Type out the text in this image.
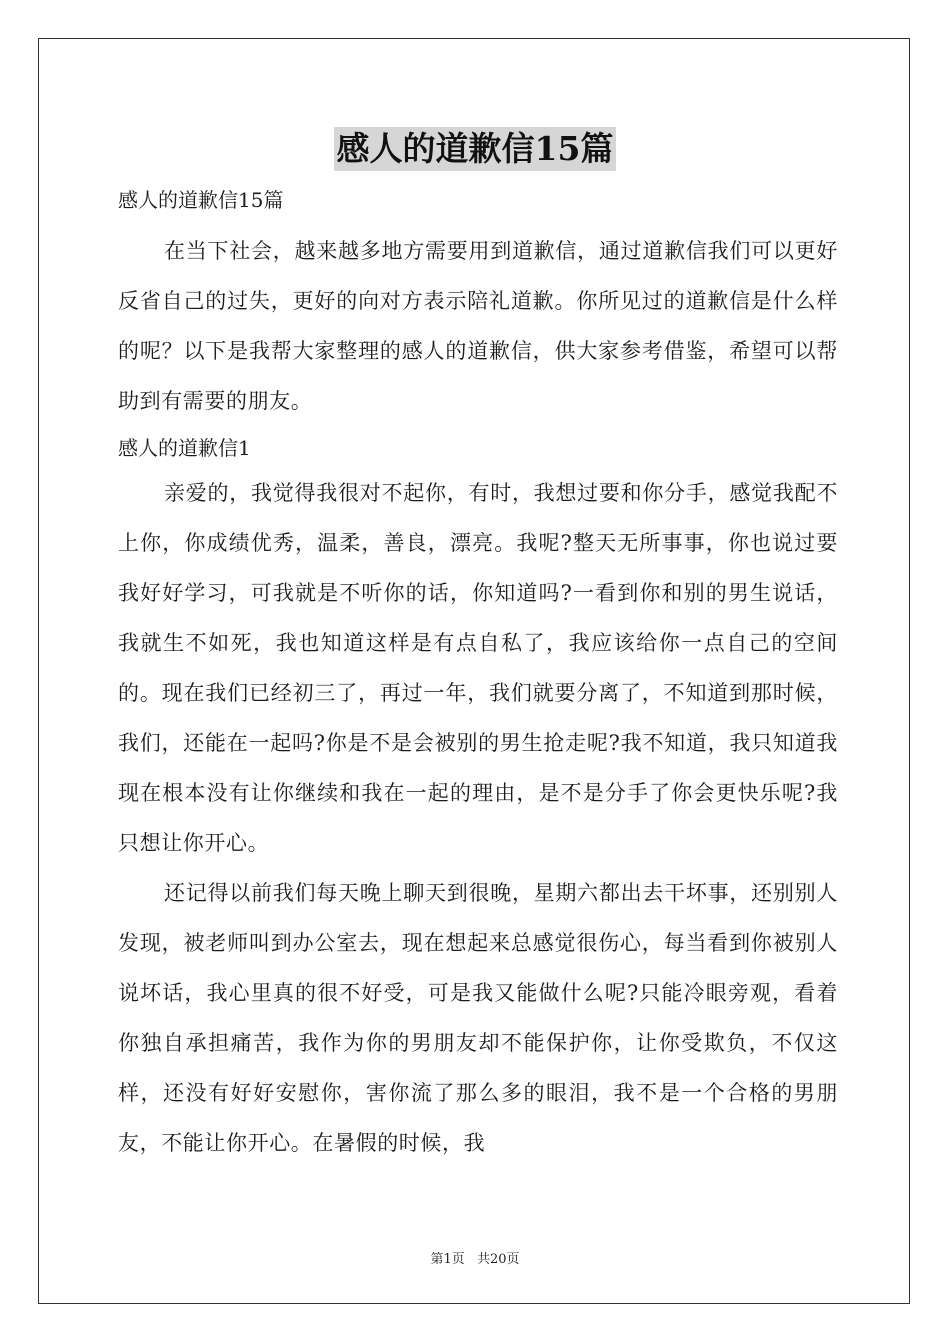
感人的道歉信15篇

感人的道歉信15篇

在当下社会，越来越多地方需要用到道歉信，通过道歉信我们可以更好反省自己的过失，更好的向对方表示陪礼道歉。你所见过的道歉信是什么样的呢？以下是我帮大家整理的感人的道歉信，供大家参考借鉴，希望可以帮助到有需要的朋友。

感人的道歉信1

亲爱的，我觉得我很对不起你，有时，我想过要和你分手，感觉我配不上你，你成绩优秀，温柔，善良，漂亮。我呢?整天无所事事，你也说过要我好好学习，可我就是不听你的话，你知道吗?一看到你和别的男生说话，我就生不如死，我也知道这样是有点自私了，我应该给你一点自己的空间的。现在我们已经初三了，再过一年，我们就要分离了，不知道到那时候，我们，还能在一起吗?你是不是会被别的男生抢走呢?我不知道，我只知道我现在根本没有让你继续和我在一起的理由，是不是分手了你会更快乐呢?我只想让你开心。

还记得以前我们每天晚上聊天到很晚，星期六都出去干坏事，还别别人发现，被老师叫到办公室去，现在想起来总感觉很伤心，每当看到你被别人说坏话，我心里真的很不好受，可是我又能做什么呢?只能冷眼旁观，看着你独自承担痛苦，我作为你的男朋友却不能保护你，让你受欺负，不仅这样，还没有好好安慰你，害你流了那么多的眼泪，我不是一个合格的男朋友，不能让你开心。在暑假的时候，我

第1页 共20页
